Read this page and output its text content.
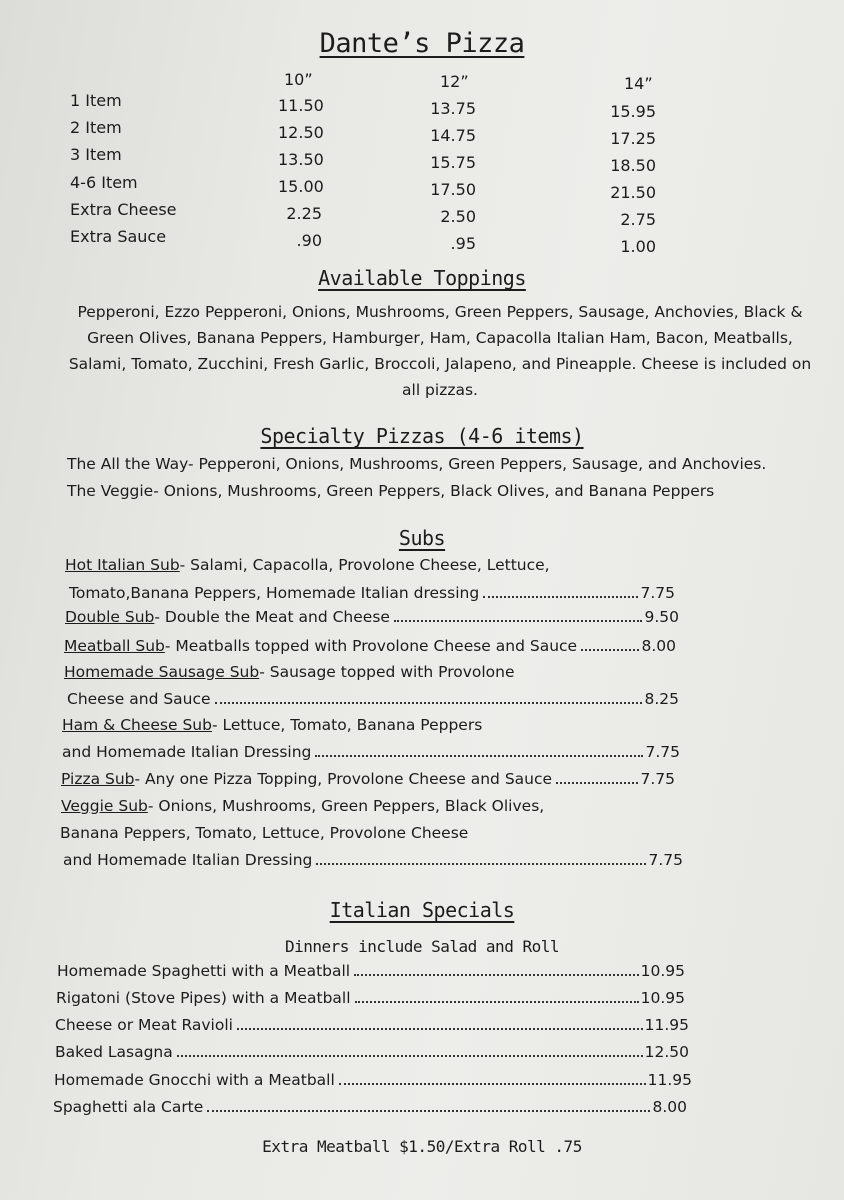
Dante’s Pizza
10”	12”	14”
1 Item	11.50	13.75	15.95
2 Item	12.50	14.75	17.25
3 Item	13.50	15.75	18.50
4-6 Item	15.00	17.50	21.50
Extra Cheese	2.25	2.50	2.75
Extra Sauce	.90	.95	1.00
Available Toppings
Pepperoni, Ezzo Pepperoni, Onions, Mushrooms, Green Peppers, Sausage, Anchovies, Black &
Green Olives, Banana Peppers, Hamburger, Ham, Capacolla Italian Ham, Bacon, Meatballs,
Salami, Tomato, Zucchini, Fresh Garlic, Broccoli, Jalapeno, and Pineapple. Cheese is included on
all pizzas.
Specialty Pizzas (4-6 items)
The All the Way- Pepperoni, Onions, Mushrooms, Green Peppers, Sausage, and Anchovies.
The Veggie- Onions, Mushrooms, Green Peppers, Black Olives, and Banana Peppers
Subs
Hot Italian Sub- Salami, Capacolla, Provolone Cheese, Lettuce,
Tomato,Banana Peppers, Homemade Italian dressing	7.75
Double Sub - Double the Meat and Cheese	9.50
Meatball Sub - Meatballs topped with Provolone Cheese and Sauce	8.00
Homemade Sausage Sub- Sausage topped with Provolone
Cheese and Sauce	8.25
Ham & Cheese Sub- Lettuce, Tomato, Banana Peppers
and Homemade Italian Dressing	7.75
Pizza Sub - Any one Pizza Topping, Provolone Cheese and Sauce	7.75
Veggie Sub- Onions, Mushrooms, Green Peppers, Black Olives,
Banana Peppers, Tomato, Lettuce, Provolone Cheese
and Homemade Italian Dressing	7.75
Italian Specials
Dinners include Salad and Roll
Homemade Spaghetti with a Meatball	10.95
Rigatoni (Stove Pipes) with a Meatball	10.95
Cheese or Meat Ravioli	11.95
Baked Lasagna	12.50
Homemade Gnocchi with a Meatball	11.95
Spaghetti ala Carte	8.00
Extra Meatball $1.50/Extra Roll .75
